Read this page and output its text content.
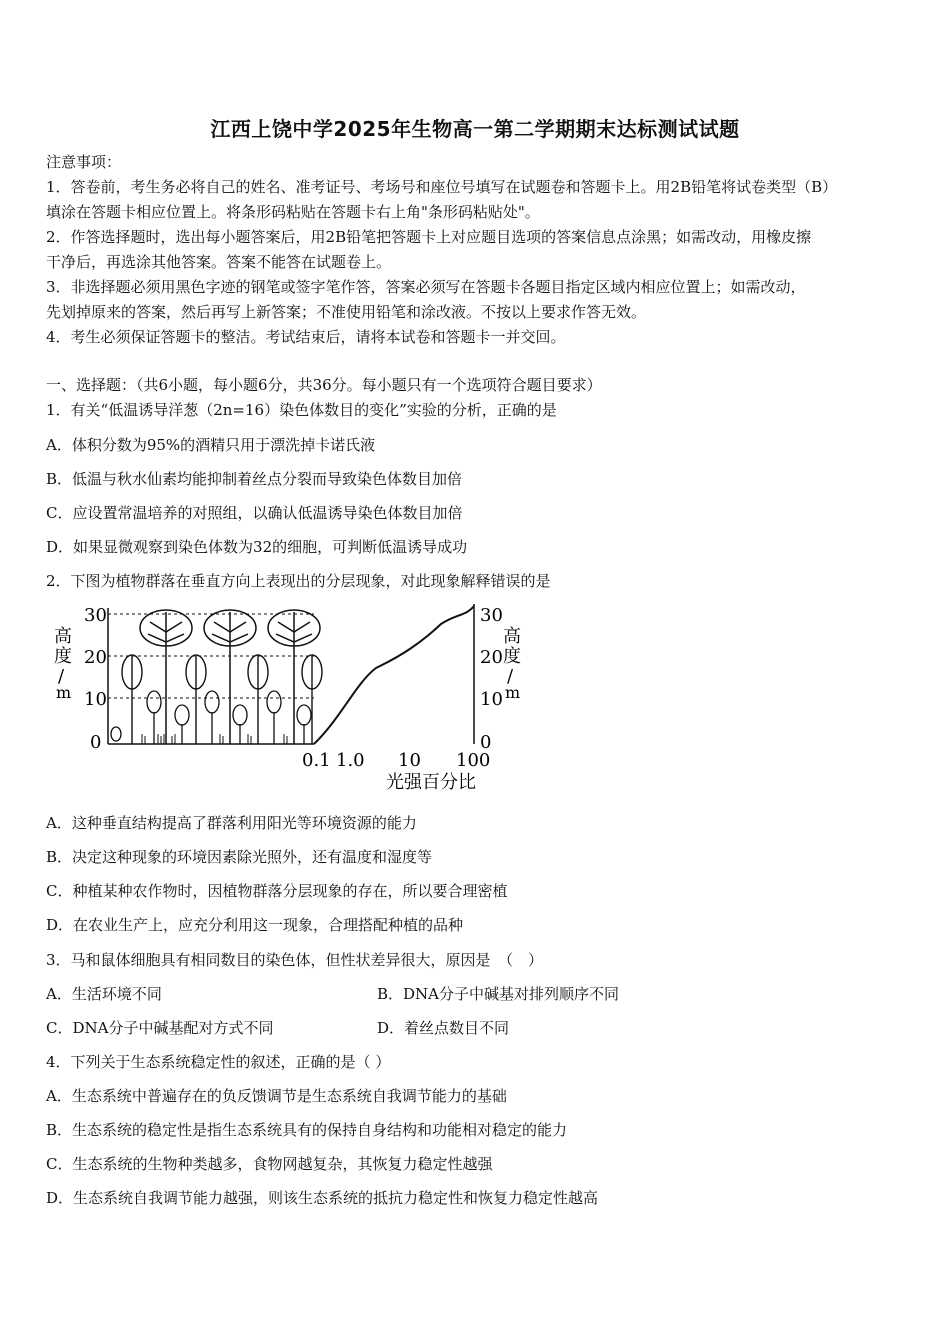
江西上饶中学2025年生物高一第二学期期末达标测试试题
注意事项：
1．答卷前，考生务必将自己的姓名、准考证号、考场号和座位号填写在试题卷和答题卡上。用2B铅笔将试卷类型（B）
填涂在答题卡相应位置上。将条形码粘贴在答题卡右上角"条形码粘贴处"。
2．作答选择题时，选出每小题答案后，用2B铅笔把答题卡上对应题目选项的答案信息点涂黑；如需改动，用橡皮擦
干净后，再选涂其他答案。答案不能答在试题卷上。
3．非选择题必须用黑色字迹的钢笔或签字笔作答，答案必须写在答题卡各题目指定区域内相应位置上；如需改动，
先划掉原来的答案，然后再写上新答案；不准使用铅笔和涂改液。不按以上要求作答无效。
4．考生必须保证答题卡的整洁。考试结束后，请将本试卷和答题卡一并交回。
一、选择题：（共6小题，每小题6分，共36分。每小题只有一个选项符合题目要求）
1．有关“低温诱导洋葱（2n=16）染色体数目的变化”实验的分析，正确的是
A．体积分数为95%的酒精只用于漂洗掉卡诺氏液
B．低温与秋水仙素均能抑制着丝点分裂而导致染色体数目加倍
C．应设置常温培养的对照组，以确认低温诱导染色体数目加倍
D．如果显微观察到染色体数为32的细胞，可判断低温诱导成功
2．下图为植物群落在垂直方向上表现出的分层现象，对此现象解释错误的是
高
度
/
m
30
20
10
0
30
20
10
0
高
度
/
m
0.1 1.0 10 100
光强百分比
A．这种垂直结构提高了群落利用阳光等环境资源的能力
B．决定这种现象的环境因素除光照外，还有温度和湿度等
C．种植某种农作物时，因植物群落分层现象的存在，所以要合理密植
D．在农业生产上，应充分利用这一现象，合理搭配种植的品种
3．马和鼠体细胞具有相同数目的染色体，但性状差异很大，原因是　（　）
A．生活环境不同	B．DNA分子中碱基对排列顺序不同
C．DNA分子中碱基配对方式不同	D．着丝点数目不同
4．下列关于生态系统稳定性的叙述，正确的是（ ）
A．生态系统中普遍存在的负反馈调节是生态系统自我调节能力的基础
B．生态系统的稳定性是指生态系统具有的保持自身结构和功能相对稳定的能力
C．生态系统的生物种类越多，食物网越复杂，其恢复力稳定性越强
D．生态系统自我调节能力越强，则该生态系统的抵抗力稳定性和恢复力稳定性越高
